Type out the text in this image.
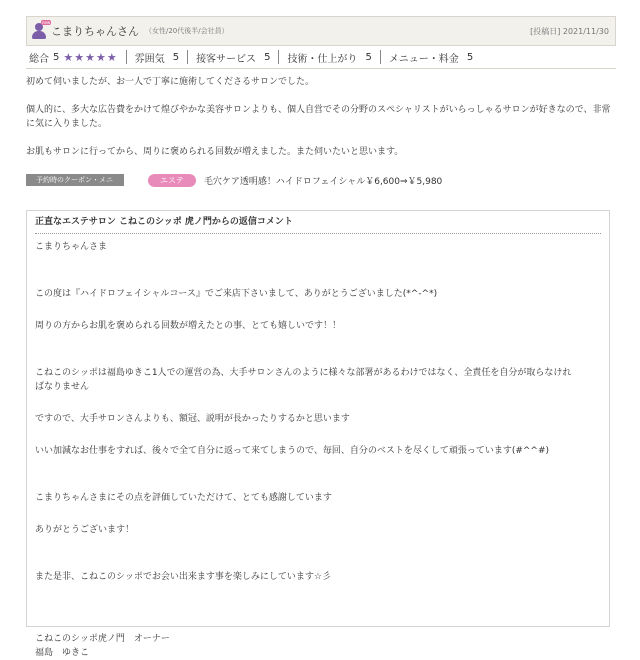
new
こまりちゃんさん （女性/20代後半/会社員）	[投稿日] 2021/11/30
総合 5 ★★★★★ 雰囲気 5 接客サービス 5 技術・仕上がり 5 メニュー・料金 5

初めて伺いましたが、お一人で丁寧に施術してくださるサロンでした。

個人的に、多大な広告費をかけて煌びやかな美容サロンよりも、個人自営でその分野のスペシャリストがいらっしゃるサロンが好きなので、非常に気に入りました。

お肌もサロンに行ってから、周りに褒められる回数が増えました。また伺いたいと思います。

予約時のクーポン・メニュー
エステ	毛穴ケア透明感！ハイドロフェイシャル￥6,600⇒￥5,980
正直なエステサロン こねこのシッポ 虎ノ門からの返信コメント

こまりちゃんさま

この度は『ハイドロフェイシャルコース』でご来店下さいまして、ありがとうございました(*^-^*)

周りの方からお肌を褒められる回数が増えたとの事、とても嬉しいです！！

こねこのシッポは福島ゆきこ1人での運営の為、大手サロンさんのように様々な部署があるわけではなく、全責任を自分が取らなけれ

ばなりません

ですので、大手サロンさんよりも、額冠、説明が長かったりするかと思います

いい加減なお仕事をすれば、後々で全て自分に返って来てしまうので、毎回、自分のベストを尽くして頑張っています(#^^#)

こまりちゃんさまにその点を評価していただけて、とても感謝しています

ありがとうございます！

また是非、こねこのシッポでお会い出来ます事を楽しみにしています☆彡

こねこのシッポ虎ノ門　オーナー

福島　ゆきこ
